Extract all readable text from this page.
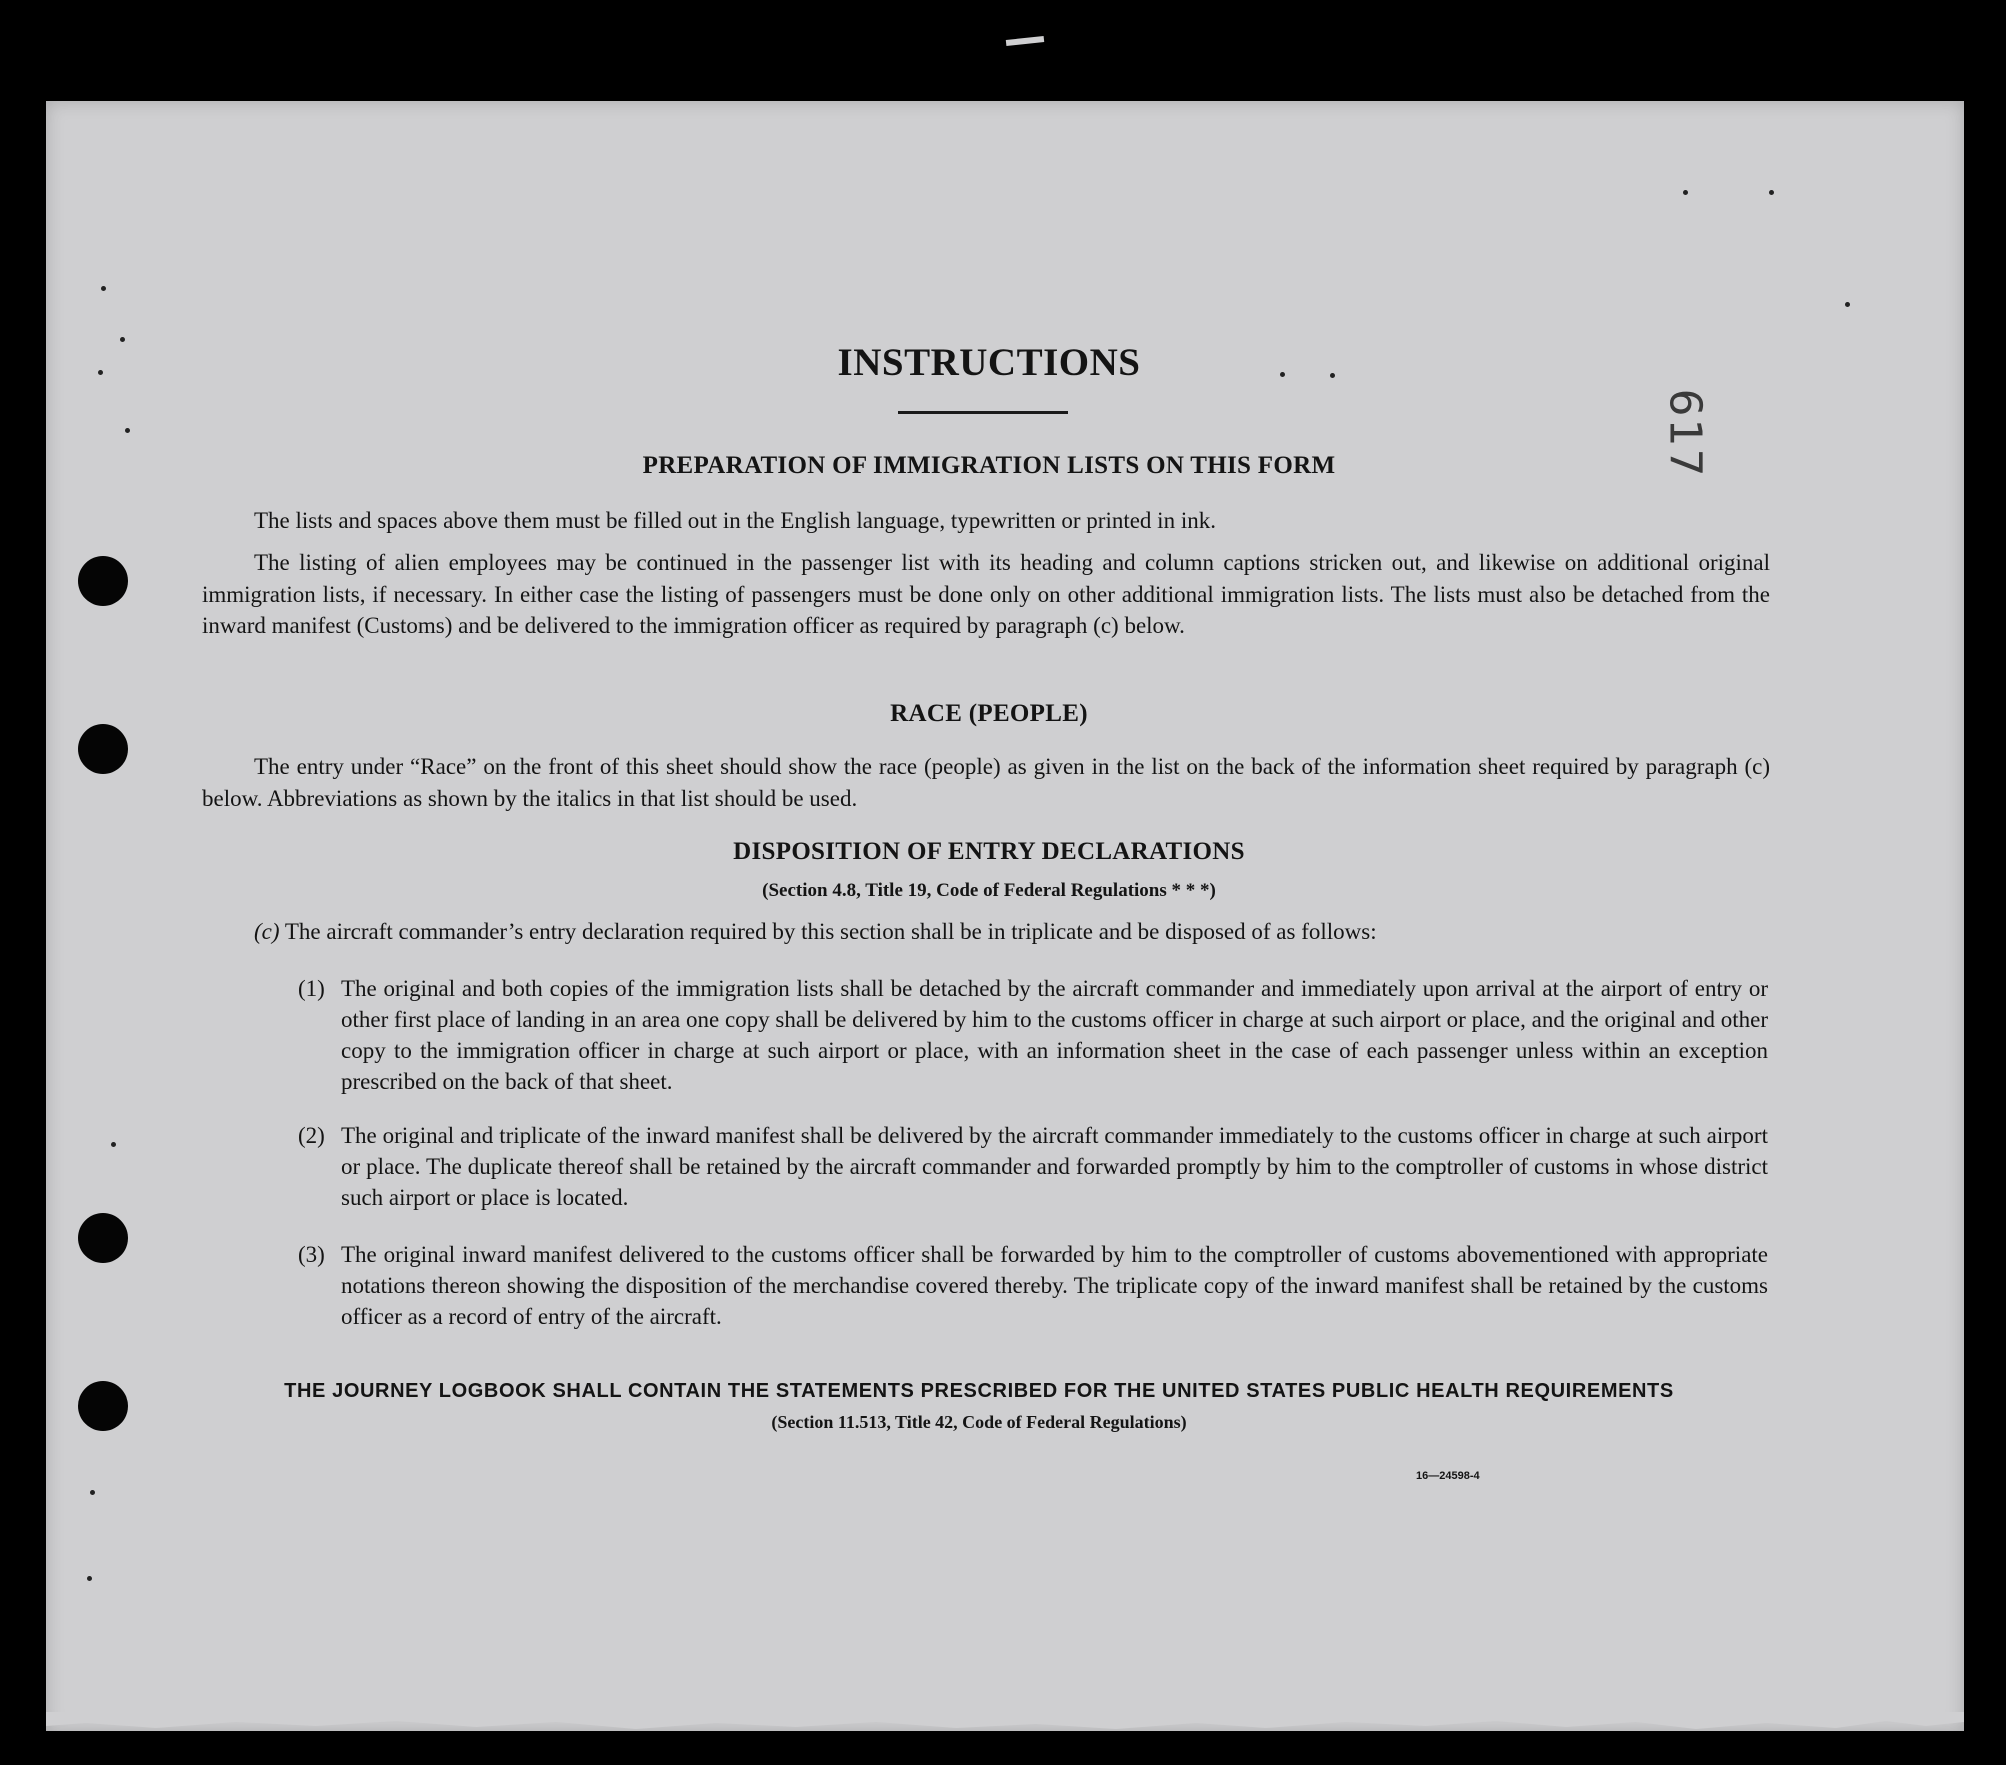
617
INSTRUCTIONS
PREPARATION OF IMMIGRATION LISTS ON THIS FORM
The lists and spaces above them must be filled out in the English language, typewritten or printed in ink.
The listing of alien employees may be continued in the passenger list with its heading and column captions stricken out, and likewise on additional original immigration lists, if necessary. In either case the listing of passengers must be done only on other additional immigration lists. The lists must also be detached from the inward manifest (Customs) and be delivered to the immigration officer as required by paragraph (c) below.
RACE (PEOPLE)
The entry under “Race” on the front of this sheet should show the race (people) as given in the list on the back of the information sheet required by paragraph (c) below. Abbreviations as shown by the italics in that list should be used.
DISPOSITION OF ENTRY DECLARATIONS
(Section 4.8, Title 19, Code of Federal Regulations * * *)
(c) The aircraft commander’s entry declaration required by this section shall be in triplicate and be disposed of as follows:
(1) The original and both copies of the immigration lists shall be detached by the aircraft commander and immediately upon arrival at the airport of entry or other first place of landing in an area one copy shall be delivered by him to the customs officer in charge at such airport or place, and the original and other copy to the immigration officer in charge at such airport or place, with an information sheet in the case of each passenger unless within an exception prescribed on the back of that sheet.
(2) The original and triplicate of the inward manifest shall be delivered by the aircraft commander immediately to the customs officer in charge at such airport or place. The duplicate thereof shall be retained by the aircraft commander and forwarded promptly by him to the comptroller of customs in whose district such airport or place is located.
(3) The original inward manifest delivered to the customs officer shall be forwarded by him to the comptroller of customs abovementioned with appropriate notations thereon showing the disposition of the merchandise covered thereby. The triplicate copy of the inward manifest shall be retained by the customs officer as a record of entry of the aircraft.
THE JOURNEY LOGBOOK SHALL CONTAIN THE STATEMENTS PRESCRIBED FOR THE UNITED STATES PUBLIC HEALTH REQUIREMENTS
(Section 11.513, Title 42, Code of Federal Regulations)
16—24598-4
